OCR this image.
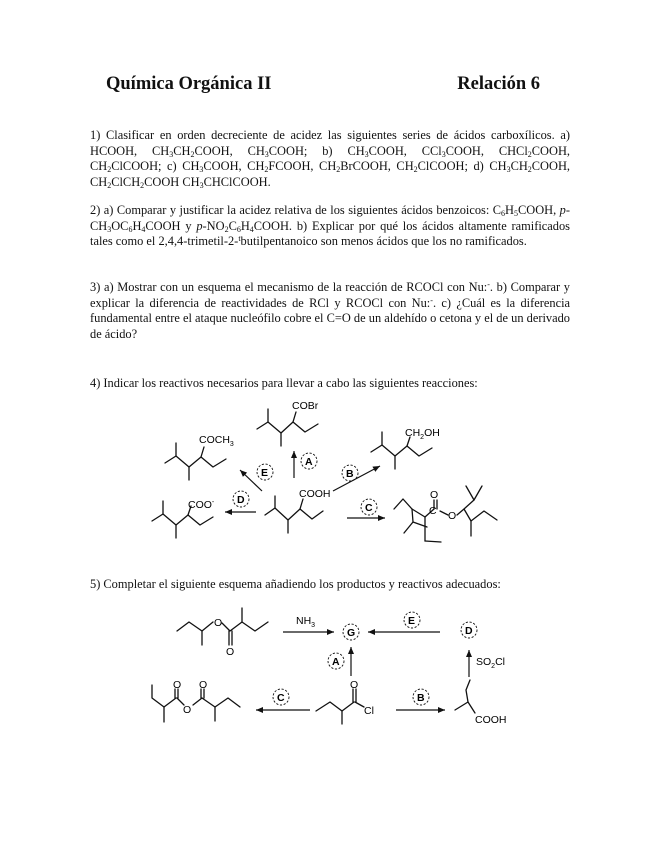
Química Orgánica II	Relación 6

1) Clasificar en orden decreciente de acidez las siguientes series de ácidos carboxílicos. a) HCOOH, $CH_3CH_2COOH$, $CH_3COOH$; b) $CH_3COOH$, CCl$_3$COOH, CHCl$_2$COOH, $CH_2ClCOOH$; c) $CH_3COOH$, $CH_2FCOOH$, $CH_2BrCOOH$, $CH_2ClCOOH$; d) $CH_3CH_2COOH$, $CH_2ClCH_2COOH$ $CH_3CHClCOOH$.

2) a) Comparar y justificar la acidez relativa de los siguientes ácidos benzoicos: $C_6H_5COOH$, $p-CH_3OC_6H_4COOH$ y $p-NO_2C_6H_4COOH$. b) Explicar por qué los ácidos altamente ramificados tales como el 2,4,4-trimetil-2-$^t$butilpentanoico son menos ácidos que los no ramificados.

3) a) Mostrar con un esquema el mecanismo de la reacción de RCOCl con Nu:-. b) Comparar y explicar la diferencia de reactividades de RCl y RCOCl con Nu:-. c) ¿Cuál es la diferencia fundamental entre el ataque nucleófilo cobre el C=O de un aldehído o cetona y el de un derivado de ácido?

4) Indicar los reactivos necesarios para llevar a cabo las siguientes reacciones:

5) Completar el siguiente esquema añadiendo los productos y reactivos adecuados:

COOH
COBr
$CH_2OH$
$COCH_3$
COO-
O
C O
A
B
C
D
E
O
O
O
O
O	O
Cl
COOH
$NH_3$
$SO_2Cl$
G
E
D
A
C	B
